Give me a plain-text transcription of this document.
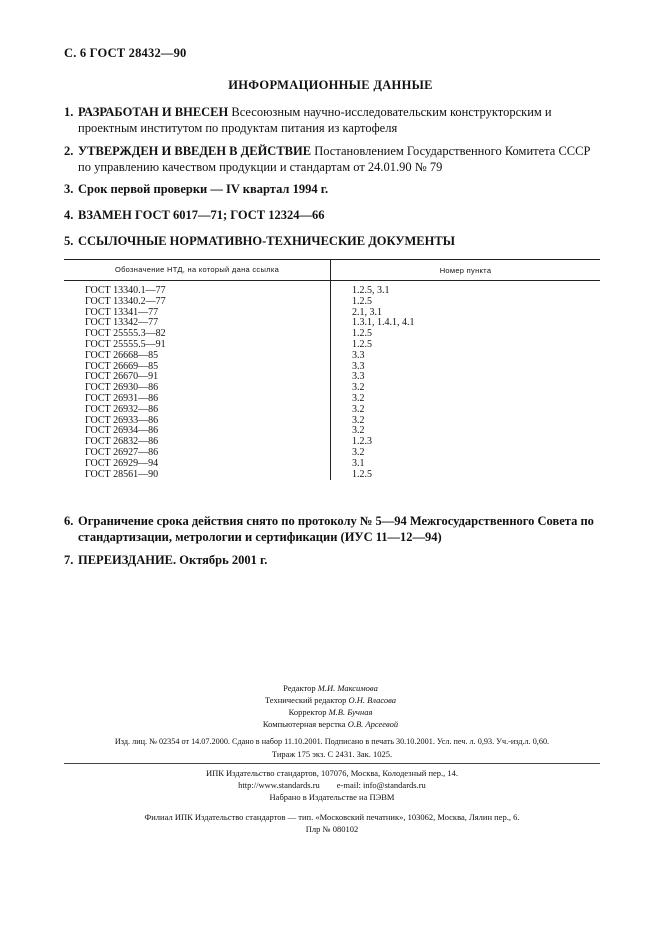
С. 6 ГОСТ 28432—90
ИНФОРМАЦИОННЫЕ ДАННЫЕ
1. РАЗРАБОТАН И ВНЕСЕН Всесоюзным научно-исследовательским конструкторским и проектным институтом по продуктам питания из картофеля
2. УТВЕРЖДЕН И ВВЕДЕН В ДЕЙСТВИЕ Постановлением Государственного Комитета СССР по управлению качеством продукции и стандартам от 24.01.90 № 79
3. Срок первой проверки — IV квартал 1994 г.
4. ВЗАМЕН ГОСТ 6017—71; ГОСТ 12324—66
5. ССЫЛОЧНЫЕ НОРМАТИВНО-ТЕХНИЧЕСКИЕ ДОКУМЕНТЫ
Обозначение НТД, на который дана ссылка	Номер пункта
ГОСТ 13340.1—77
ГОСТ 13340.2—77
ГОСТ 13341—77
ГОСТ 13342—77
ГОСТ 25555.3—82
ГОСТ 25555.5—91
ГОСТ 26668—85
ГОСТ 26669—85
ГОСТ 26670—91
ГОСТ 26930—86
ГОСТ 26931—86
ГОСТ 26932—86
ГОСТ 26933—86
ГОСТ 26934—86
ГОСТ 26832—86
ГОСТ 26927—86
ГОСТ 26929—94
ГОСТ 28561—90
1.2.5, 3.1
1.2.5
2.1, 3.1
1.3.1, 1.4.1, 4.1
1.2.5
1.2.5
3.3
3.3
3.3
3.2
3.2
3.2
3.2
3.2
1.2.3
3.2
3.1
1.2.5
6. Ограничение срока действия снято по протоколу № 5—94 Межгосударственного Совета по стандартизации, метрологии и сертификации (ИУС 11—12—94)
7. ПЕРЕИЗДАНИЕ. Октябрь 2001 г.
Редактор М.И. Максимова
Технический редактор О.Н. Власова
Корректор М.В. Бучная
Компьютерная верстка О.В. Арсеевой
Изд. лиц. № 02354 от 14.07.2000. Сдано в набор 11.10.2001. Подписано в печать 30.10.2001. Усл. печ. л. 0,93. Уч.-изд.л. 0,60.
Тираж 175 экз. С 2431. Зак. 1025.
ИПК Издательство стандартов, 107076, Москва, Колодезный пер., 14.
http://www.standards.ru        e-mail: info@standards.ru
Набрано в Издательстве на ПЭВМ
Филиал ИПК Издательство стандартов — тип. «Московский печатник», 103062, Москва, Лялин пер., 6.
Плр № 080102
